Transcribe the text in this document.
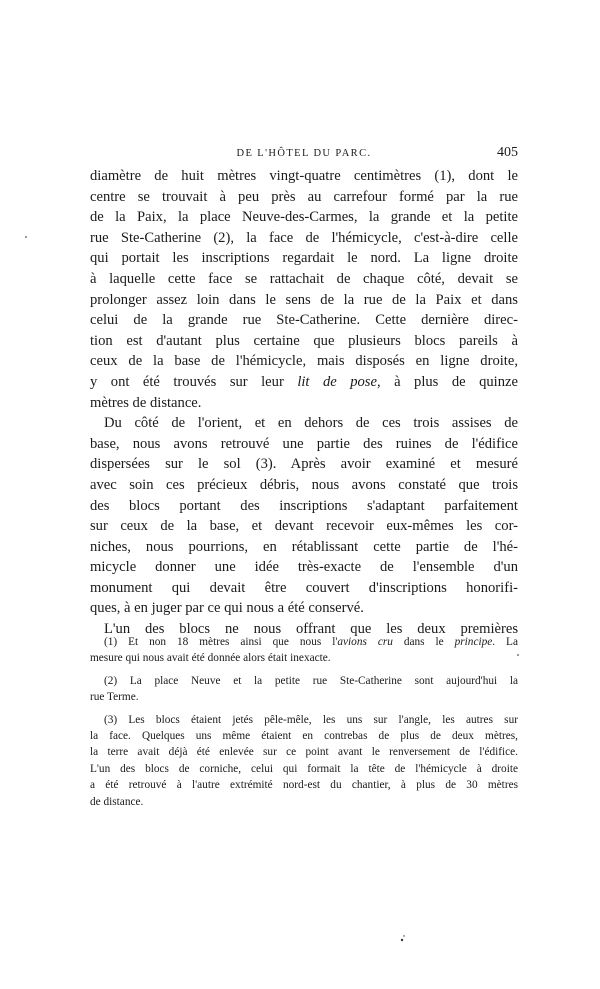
DE L'HÔTEL DU PARC.	405
diamètre de huit mètres vingt-quatre centimètres (1), dont le
centre se trouvait à peu près au carrefour formé par la rue
de la Paix, la place Neuve-des-Carmes, la grande et la petite
rue Ste-Catherine (2), la face de l'hémicycle, c'est-à-dire celle
qui portait les inscriptions regardait le nord. La ligne droite
à laquelle cette face se rattachait de chaque côté, devait se
prolonger assez loin dans le sens de la rue de la Paix et dans
celui de la grande rue Ste-Catherine. Cette dernière direc-
tion est d'autant plus certaine que plusieurs blocs pareils à
ceux de la base de l'hémicycle, mais disposés en ligne droite,
y ont été trouvés sur leur lit de pose, à plus de quinze
mètres de distance.
Du côté de l'orient, et en dehors de ces trois assises de
base, nous avons retrouvé une partie des ruines de l'édifice
dispersées sur le sol (3). Après avoir examiné et mesuré
avec soin ces précieux débris, nous avons constaté que trois
des blocs portant des inscriptions s'adaptant parfaitement
sur ceux de la base, et devant recevoir eux-mêmes les cor-
niches, nous pourrions, en rétablissant cette partie de l'hé-
micycle donner une idée très-exacte de l'ensemble d'un
monument qui devait être couvert d'inscriptions honorifi-
ques, à en juger par ce qui nous a été conservé.
L'un des blocs ne nous offrant que les deux premières
(1) Et non 18 mètres ainsi que nous l'avions cru dans le principe. La
mesure qui nous avait été donnée alors était inexacte.
(2) La place Neuve et la petite rue Ste-Catherine sont aujourd'hui la
rue Terme.
(3) Les blocs étaient jetés pêle-mêle, les uns sur l'angle, les autres sur
la face. Quelques uns même étaient en contrebas de plus de deux mètres,
la terre avait déjà été enlevée sur ce point avant le renversement de l'édifice.
L'un des blocs de corniche, celui qui formait la tête de l'hémicycle à droite
a été retrouvé à l'autre extrémité nord-est du chantier, à plus de 30 mètres
de distance.
